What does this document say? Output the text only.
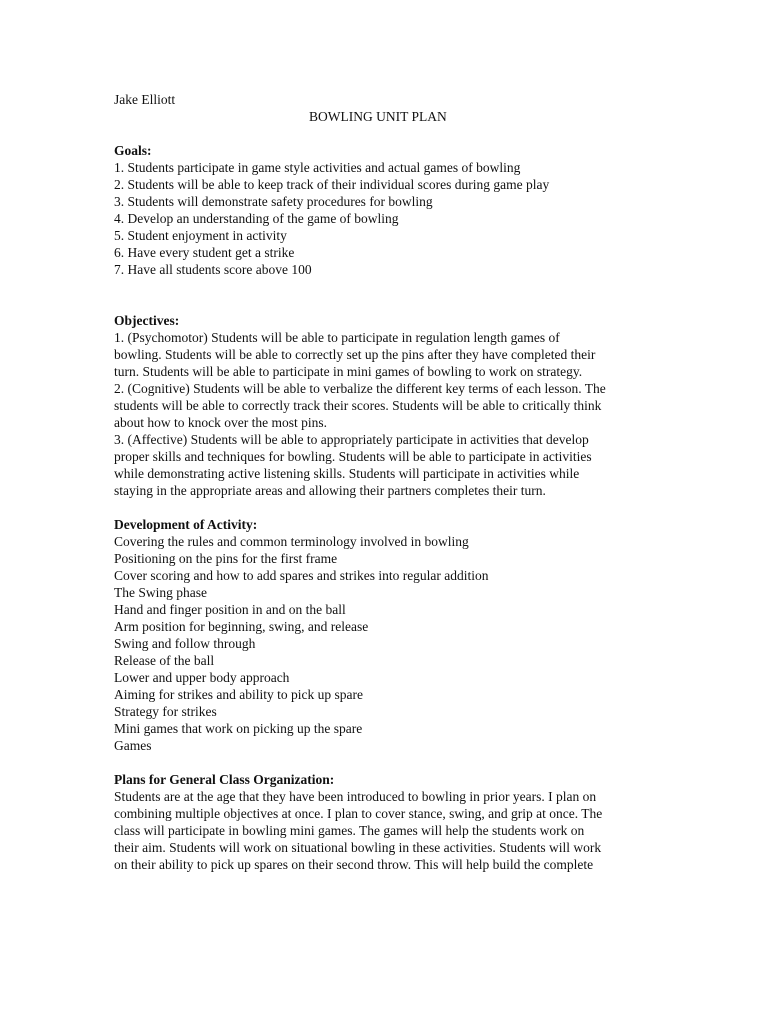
Jake Elliott
BOWLING UNIT PLAN
Goals:
1. Students participate in game style activities and actual games of bowling
2. Students will be able to keep track of their individual scores during game play
3. Students will demonstrate safety procedures for bowling
4. Develop an understanding of the game of bowling
5. Student enjoyment in activity
6. Have every student get a strike
7. Have all students score above 100
Objectives:
1. (Psychomotor) Students will be able to participate in regulation length games of
bowling. Students will be able to correctly set up the pins after they have completed their
turn. Students will be able to participate in mini games of bowling to work on strategy.
2. (Cognitive) Students will be able to verbalize the different key terms of each lesson. The
students will be able to correctly track their scores. Students will be able to critically think
about how to knock over the most pins.
3. (Affective) Students will be able to appropriately participate in activities that develop
proper skills and techniques for bowling. Students will be able to participate in activities
while demonstrating active listening skills. Students will participate in activities while
staying in the appropriate areas and allowing their partners completes their turn.
Development of Activity:
Covering the rules and common terminology involved in bowling
Positioning on the pins for the first frame
Cover scoring and how to add spares and strikes into regular addition
The Swing phase
Hand and finger position in and on the ball
Arm position for beginning, swing, and release
Swing and follow through
Release of the ball
Lower and upper body approach
Aiming for strikes and ability to pick up spare
Strategy for strikes
Mini games that work on picking up the spare
Games
Plans for General Class Organization:
Students are at the age that they have been introduced to bowling in prior years. I plan on
combining multiple objectives at once. I plan to cover stance, swing, and grip at once. The
class will participate in bowling mini games. The games will help the students work on
their aim. Students will work on situational bowling in these activities. Students will work
on their ability to pick up spares on their second throw. This will help build the complete
